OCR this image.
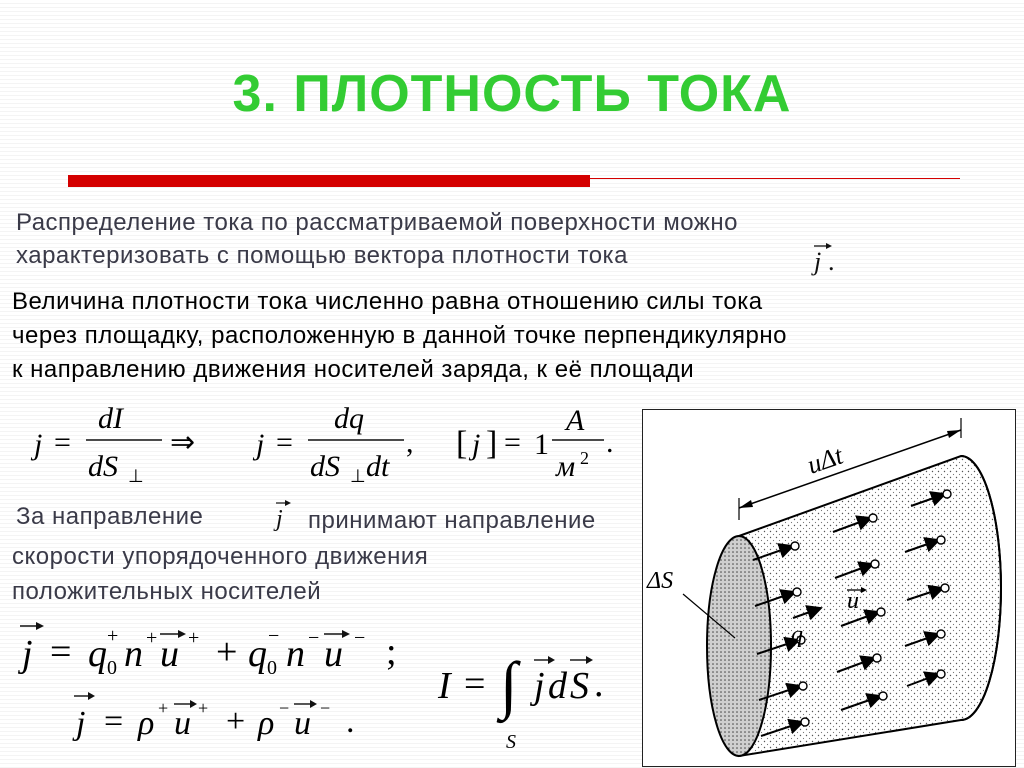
3. ПЛОТНОСТЬ ТОКА
Распределение тока по рассматриваемой поверхности можно
характеризовать с помощью вектора плотности тока	j .
Величина плотности тока численно равна отношению силы тока
через площадку, расположенную в данной точке перпендикулярно
к направлению движения носителей заряда, к её площади
j =
dI
dS ⊥
⇒ j =
dq
dS ⊥ dt
, [ j ] = 1
A
м 2 .
За направление	j принимают направление
скорости упорядоченного движения
положительных носителей
j = q 0
+ n + u + + q 0
− n − u − ;
j = ρ + u + + ρ − u − .
I = ∫
S
j d S .
uΔt
ΔS
u
q
